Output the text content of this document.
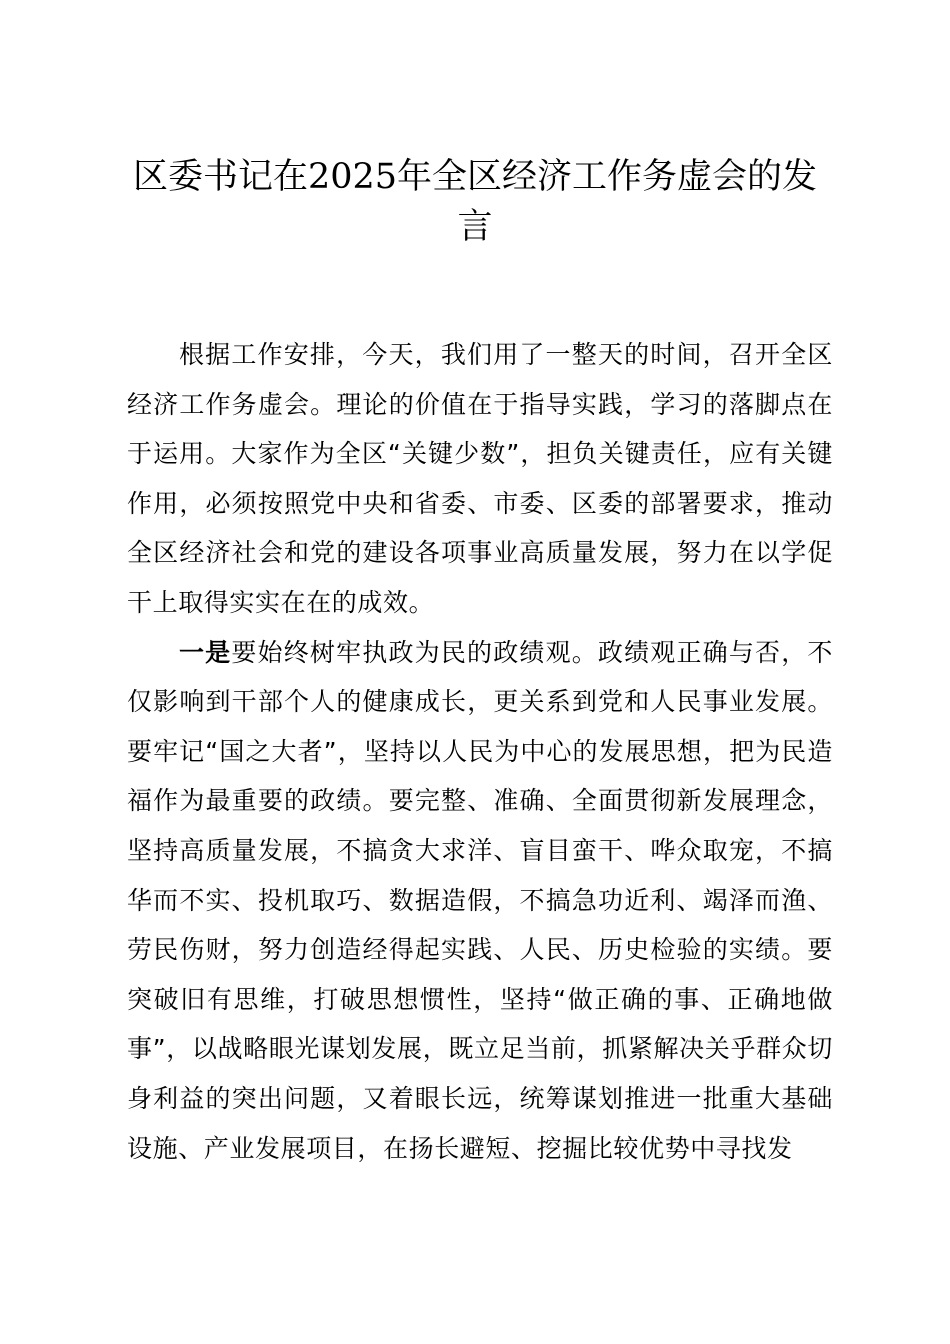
区委书记在2025年全区经济工作务虚会的发言

根据工作安排，今天，我们用了一整天的时间，召开全区经济工作务虚会。理论的价值在于指导实践，学习的落脚点在于运用。大家作为全区“关键少数”，担负关键责任，应有关键作用，必须按照党中央和省委、市委、区委的部署要求，推动全区经济社会和党的建设各项事业高质量发展，努力在以学促干上取得实实在在的成效。

一是要始终树牢执政为民的政绩观。政绩观正确与否，不仅影响到干部个人的健康成长，更关系到党和人民事业发展。要牢记“国之大者”，坚持以人民为中心的发展思想，把为民造福作为最重要的政绩。要完整、准确、全面贯彻新发展理念，坚持高质量发展，不搞贪大求洋、盲目蛮干、哗众取宠，不搞华而不实、投机取巧、数据造假，不搞急功近利、竭泽而渔、劳民伤财，努力创造经得起实践、人民、历史检验的实绩。要突破旧有思维，打破思想惯性，坚持“做正确的事、正确地做事”，以战略眼光谋划发展，既立足当前，抓紧解决关乎群众切身利益的突出问题，又着眼长远，统筹谋划推进一批重大基础设施、产业发展项目，在扬长避短、挖掘比较优势中寻找发
